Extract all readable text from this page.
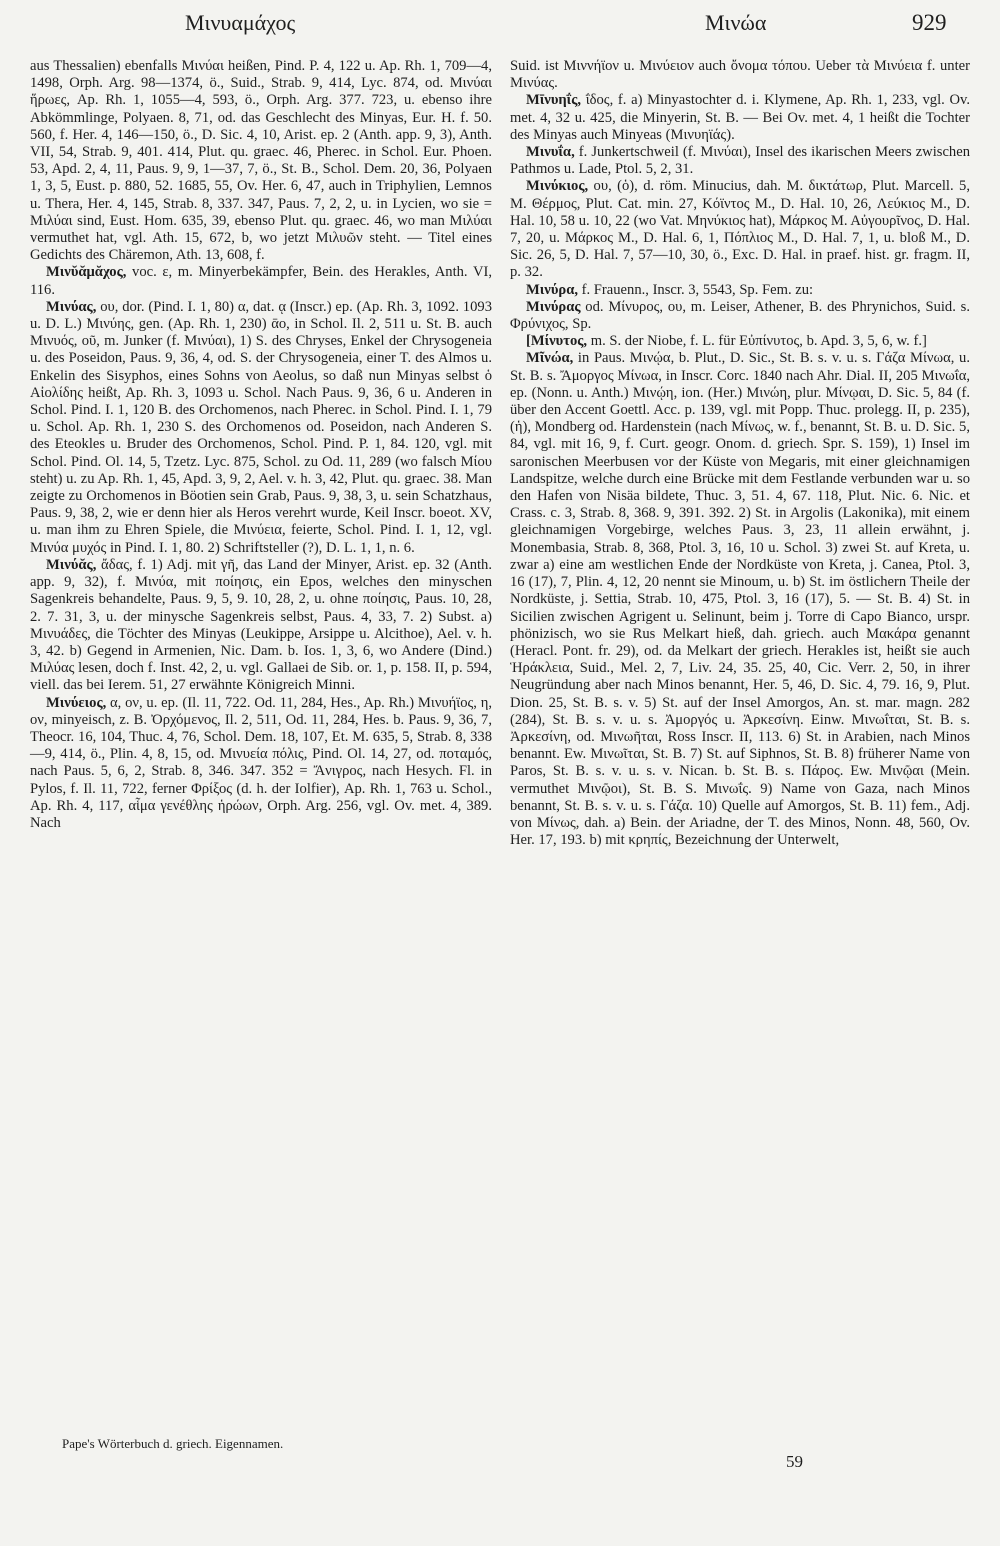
Μινυαμάχος	Μινώα	929

aus Thessalien) ebenfalls Μινύαι heißen, Pind. P. 4, 122 u. Ap. Rh. 1, 709—4, 1498, Orph. Arg. 98—1374, ö., Suid., Strab. 9, 414, Lyc. 874, od. Μινύαι ἥρωες, Ap. Rh. 1, 1055—4, 593, ö., Orph. Arg. 377. 723, u. ebenso ihre Abkömmlinge, Polyaen. 8, 71, od. das Geschlecht des Minyas, Eur. H. f. 50. 560, f. Her. 4, 146—150, ö., D. Sic. 4, 10, Arist. ep. 2 (Anth. app. 9, 3), Anth. VII, 54, Strab. 9, 401. 414, Plut. qu. graec. 46, Pherec. in Schol. Eur. Phoen. 53, Apd. 2, 4, 11, Paus. 9, 9, 1—37, 7, ö., St. B., Schol. Dem. 20, 36, Polyaen 1, 3, 5, Eust. p. 880, 52. 1685, 55, Ov. Her. 6, 47, auch in Triphylien, Lemnos u. Thera, Her. 4, 145, Strab. 8, 337. 347, Paus. 7, 2, 2, u. in Lycien, wo sie = Μιλύαι sind, Eust. Hom. 635, 39, ebenso Plut. qu. graec. 46, wo man Μιλύαι vermuthet hat, vgl. Ath. 15, 672, b, wo jetzt Μιλυῶν steht. — Titel eines Gedichts des Chäremon, Ath. 13, 608, f.

Μινῠᾰμᾰχος, voc. ε, m. Minyerbekämpfer, Bein. des Herakles, Anth. VI, 116.

Μινύας, ου, dor. (Pind. I. 1, 80) α, dat. ᾳ (Inscr.) ep. (Ap. Rh. 3, 1092. 1093 u. D. L.) Μινύης, gen. (Ap. Rh. 1, 230) ᾱο, in Schol. Il. 2, 511 u. St. B. auch Μινυός, οῦ, m. Junker (f. Μινύαι), 1) S. des Chryses, Enkel der Chrysogeneia u. des Poseidon, Paus. 9, 36, 4, od. S. der Chrysogeneia, einer T. des Almos u. Enkelin des Sisyphos, eines Sohns von Aeolus, so daß nun Minyas selbst ὁ Αἰολίδης heißt, Ap. Rh. 3, 1093 u. Schol. Nach Paus. 9, 36, 6 u. Anderen in Schol. Pind. I. 1, 120 B. des Orchomenos, nach Pherec. in Schol. Pind. I. 1, 79 u. Schol. Ap. Rh. 1, 230 S. des Orchomenos od. Poseidon, nach Anderen S. des Eteokles u. Bruder des Orchomenos, Schol. Pind. P. 1, 84. 120, vgl. mit Schol. Pind. Ol. 14, 5, Tzetz. Lyc. 875, Schol. zu Od. 11, 289 (wo falsch Μίου steht) u. zu Ap. Rh. 1, 45, Apd. 3, 9, 2, Ael. v. h. 3, 42, Plut. qu. graec. 38. Man zeigte zu Orchomenos in Böotien sein Grab, Paus. 9, 38, 3, u. sein Schatzhaus, Paus. 9, 38, 2, wie er denn hier als Heros verehrt wurde, Keil Inscr. boeot. XV, u. man ihm zu Ehren Spiele, die Μινύεια, feierte, Schol. Pind. I. 1, 12, vgl. Μινύα μυχός in Pind. I. 1, 80. 2) Schriftsteller (?), D. L. 1, 1, n. 6.

Μινύᾰς, ἄδας, f. 1) Adj. mit γῆ, das Land der Minyer, Arist. ep. 32 (Anth. app. 9, 32), f. Μινύα, mit ποίησις, ein Epos, welches den minyschen Sagenkreis behandelte, Paus. 9, 5, 9. 10, 28, 2, u. ohne ποίησις, Paus. 10, 28, 2. 7. 31, 3, u. der minysche Sagenkreis selbst, Paus. 4, 33, 7. 2) Subst. a) Μινυάδες, die Töchter des Minyas (Leukippe, Arsippe u. Alcithoe), Ael. v. h. 3, 42. b) Gegend in Armenien, Nic. Dam. b. Ios. 1, 3, 6, wo Andere (Dind.) Μιλύας lesen, doch f. Inst. 42, 2, u. vgl. Gallaei de Sib. or. 1, p. 158. II, p. 594, viell. das bei Ierem. 51, 27 erwähnte Königreich Minni.

Μινύειος, α, ον, u. ep. (Il. 11, 722. Od. 11, 284, Hes., Ap. Rh.) Μινυήϊος, η, ον, minyeisch, z. B. Ὀρχόμενος, Il. 2, 511, Od. 11, 284, Hes. b. Paus. 9, 36, 7, Theocr. 16, 104, Thuc. 4, 76, Schol. Dem. 18, 107, Et. M. 635, 5, Strab. 8, 338—9, 414, ö., Plin. 4, 8, 15, od. Μινυεία πόλις, Pind. Ol. 14, 27, od. ποταμός, nach Paus. 5, 6, 2, Strab. 8, 346. 347. 352 = Ἄνιγρος, nach Hesych. Fl. in Pylos, f. Il. 11, 722, ferner Φρίξος (d. h. der Iolfier), Ap. Rh. 1, 763 u. Schol., Ap. Rh. 4, 117, αἷμα γενέθλης ἡρώων, Orph. Arg. 256, vgl. Ov. met. 4, 389. Nach

Suid. ist Μιννήϊον u. Μινύειον auch ὄνομα τόπου. Ueber τὰ Μινύεια f. unter Μινύας.

Μῑνυηΐς, ΐδος, f. a) Minyastochter d. i. Klymene, Ap. Rh. 1, 233, vgl. Ov. met. 4, 32 u. 425, die Minyerin, St. B. — Bei Ov. met. 4, 1 heißt die Tochter des Minyas auch Minyeas (Μινυηϊάς).

Μινυΐα, f. Junkertschweil (f. Μινύαι), Insel des ikarischen Meers zwischen Pathmos u. Lade, Ptol. 5, 2, 31.

Μινύκιος, ου, (ὁ), d. röm. Minucius, dah. Μ. δικτάτωρ, Plut. Marcell. 5, Μ. Θέρμος, Plut. Cat. min. 27, Κόϊντος Μ., D. Hal. 10, 26, Λεύκιος Μ., D. Hal. 10, 58 u. 10, 22 (wo Vat. Μηνύκιος hat), Μάρκος Μ. Αὐγουρῖνος, D. Hal. 7, 20, u. Μάρκος Μ., D. Hal. 6, 1, Πόπλιος Μ., D. Hal. 7, 1, u. bloß Μ., D. Sic. 26, 5, D. Hal. 7, 57—10, 30, ö., Exc. D. Hal. in praef. hist. gr. fragm. II, p. 32.

Μινύρα, f. Frauenn., Inscr. 3, 5543, Sp. Fem. zu:

Μινύρας od. Μίνυρος, ου, m. Leiser, Athener, B. des Phrynichos, Suid. s. Φρύνιχος, Sp.

[Μίνυτος, m. S. der Niobe, f. L. für Εὐπίνυτος, b. Apd. 3, 5, 6, w. f.]

Μῖνώα, in Paus. Μινῴα, b. Plut., D. Sic., St. B. s. v. u. s. Γάζα Μίνωα, u. St. B. s. Ἄμοργος Μίνωα, in Inscr. Corc. 1840 nach Ahr. Dial. II, 205 Μινωΐα, ep. (Nonn. u. Anth.) Μινῴη, ion. (Her.) Μινώη, plur. Μίνῳαι, D. Sic. 5, 84 (f. über den Accent Goettl. Acc. p. 139, vgl. mit Popp. Thuc. prolegg. II, p. 235), (ἡ), Mondberg od. Hardenstein (nach Μίνως, w. f., benannt, St. B. u. D. Sic. 5, 84, vgl. mit 16, 9, f. Curt. geogr. Onom. d. griech. Spr. S. 159), 1) Insel im saronischen Meerbusen vor der Küste von Megaris, mit einer gleichnamigen Landspitze, welche durch eine Brücke mit dem Festlande verbunden war u. so den Hafen von Nisäa bildete, Thuc. 3, 51. 4, 67. 118, Plut. Nic. 6. Nic. et Crass. c. 3, Strab. 8, 368. 9, 391. 392. 2) St. in Argolis (Lakonika), mit einem gleichnamigen Vorgebirge, welches Paus. 3, 23, 11 allein erwähnt, j. Monembasia, Strab. 8, 368, Ptol. 3, 16, 10 u. Schol. 3) zwei St. auf Kreta, u. zwar a) eine am westlichen Ende der Nordküste von Kreta, j. Canea, Ptol. 3, 16 (17), 7, Plin. 4, 12, 20 nennt sie Minoum, u. b) St. im östlichern Theile der Nordküste, j. Settia, Strab. 10, 475, Ptol. 3, 16 (17), 5. — St. B. 4) St. in Sicilien zwischen Agrigent u. Selinunt, beim j. Torre di Capo Bianco, urspr. phönizisch, wo sie Rus Melkart hieß, dah. griech. auch Μακάρα genannt (Heracl. Pont. fr. 29), od. da Melkart der griech. Herakles ist, heißt sie auch Ἡράκλεια, Suid., Mel. 2, 7, Liv. 24, 35. 25, 40, Cic. Verr. 2, 50, in ihrer Neugründung aber nach Minos benannt, Her. 5, 46, D. Sic. 4, 79. 16, 9, Plut. Dion. 25, St. B. s. v. 5) St. auf der Insel Amorgos, An. st. mar. magn. 282 (284), St. B. s. v. u. s. Ἀμοργός u. Ἀρκεσίνη. Einw. Μινωΐται, St. B. s. Ἀρκεσίνη, od. Μινωῆται, Ross Inscr. II, 113. 6) St. in Arabien, nach Minos benannt. Ew. Μινωῖται, St. B. 7) St. auf Siphnos, St. B. 8) früherer Name von Paros, St. B. s. v. u. s. v. Nican. b. St. B. s. Πάρος. Ew. Μινῷαι (Mein. vermuthet Μινῷοι), St. B. S. Μινωΐς. 9) Name von Gaza, nach Minos benannt, St. B. s. v. u. s. Γάζα. 10) Quelle auf Amorgos, St. B. 11) fem., Adj. von Μίνως, dah. a) Bein. der Ariadne, der T. des Minos, Nonn. 48, 560, Ov. Her. 17, 193. b) mit κρηπίς, Bezeichnung der Unterwelt,

Pape's Wörterbuch d. griech. Eigennamen.
59
